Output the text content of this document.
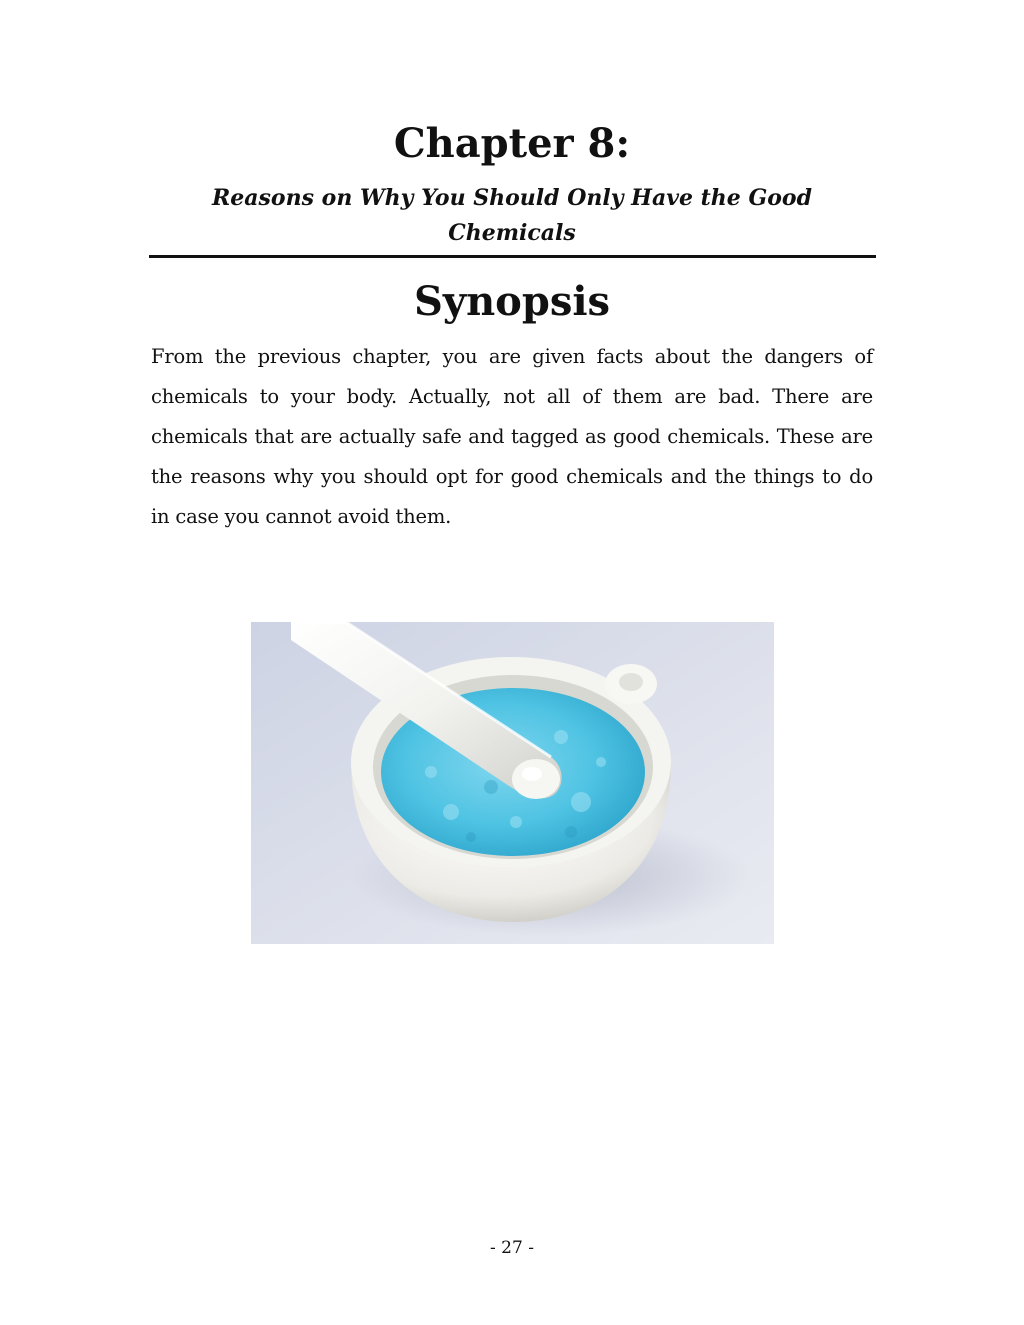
Chapter 8:
Reasons on Why You Should Only Have the Good Chemicals
Synopsis

From the previous chapter, you are given facts about the dangers of chemicals to your body. Actually, not all of them are bad. There are chemicals that are actually safe and tagged as good chemicals. These are the reasons why you should opt for good chemicals and the things to do in case you cannot avoid them.

- 27 -
